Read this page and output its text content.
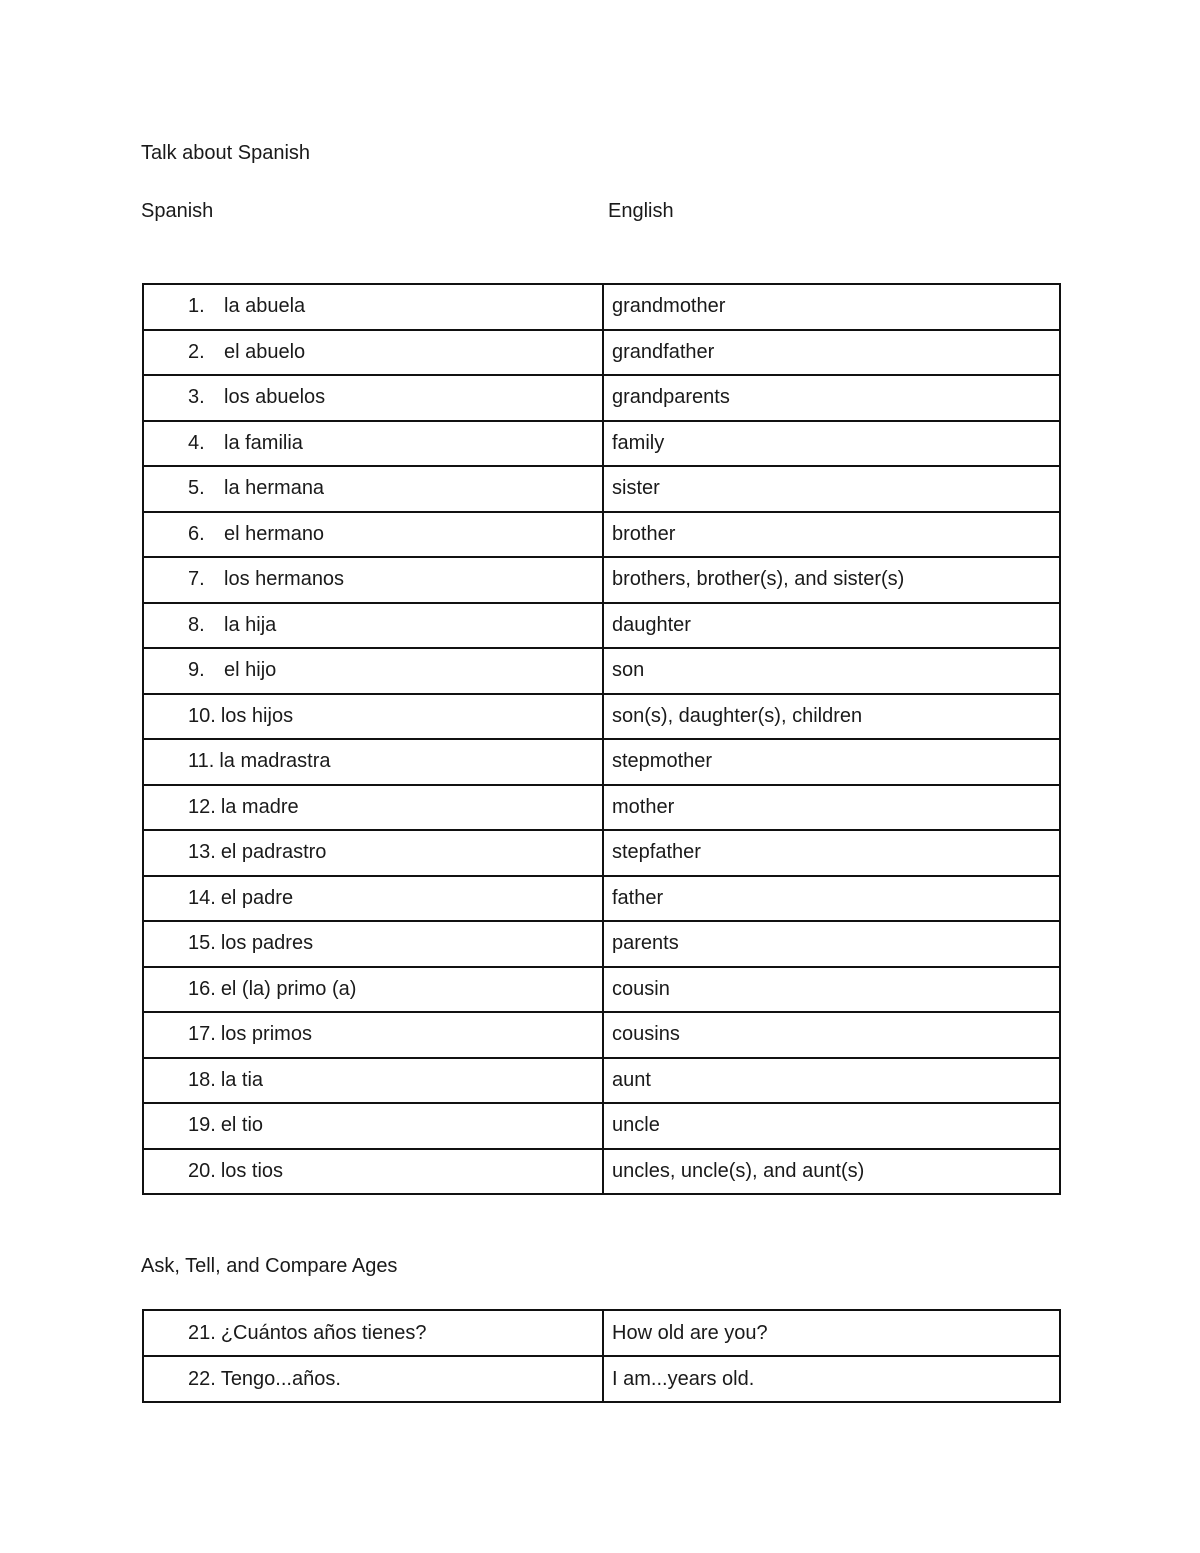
Talk about Spanish
Spanish	English
1. la abuela	grandmother
2. el abuelo	grandfather
3. los abuelos	grandparents
4. la familia	family
5. la hermana	sister
6. el hermano	brother
7. los hermanos	brothers, brother(s), and sister(s)
8. la hija	daughter
9. el hijo	son
10. los hijos	son(s), daughter(s), children
11. la madrastra	stepmother
12. la madre	mother
13. el padrastro	stepfather
14. el padre	father
15. los padres	parents
16. el (la) primo (a)	cousin
17. los primos	cousins
18. la tia	aunt
19. el tio	uncle
20. los tios	uncles, uncle(s), and aunt(s)
Ask, Tell, and Compare Ages
21. ¿Cuántos años tienes?	How old are you?
22. Tengo...años.	I am...years old.
